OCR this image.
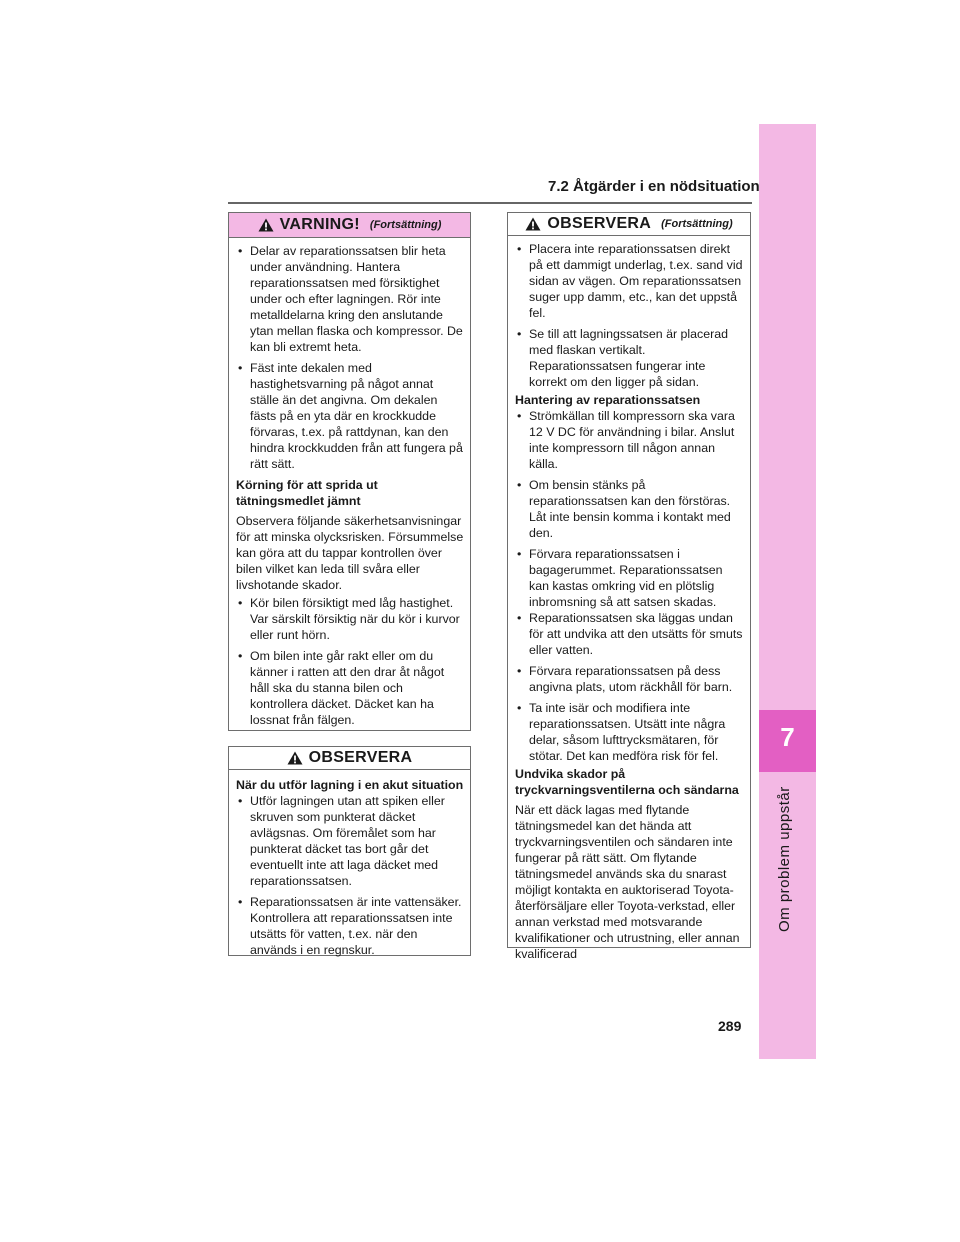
7
Om problem uppstår
7.2 Åtgärder i en nödsituation
VARNING! (Fortsättning)
• Delar av reparationssatsen blir heta under användning. Hantera reparationssatsen med försiktighet under och efter lagningen. Rör inte metalldelarna kring den anslutande ytan mellan flaska och kompressor. De kan bli extremt heta.
• Fäst inte dekalen med hastighetsvarning på något annat ställe än det angivna. Om dekalen fästs på en yta där en krockkudde förvaras, t.ex. på rattdynan, kan den hindra krockkudden från att fungera på rätt sätt.
Körning för att sprida ut tätningsmedlet jämnt
Observera följande säkerhetsanvisningar för att minska olycksrisken. Försummelse kan göra att du tappar kontrollen över bilen vilket kan leda till svåra eller livshotande skador.
• Kör bilen försiktigt med låg hastighet. Var särskilt försiktig när du kör i kurvor eller runt hörn.
• Om bilen inte går rakt eller om du känner i ratten att den drar åt något håll ska du stanna bilen och kontrollera däcket. Däcket kan ha lossnat från fälgen.
OBSERVERA
När du utför lagning i en akut situation
• Utför lagningen utan att spiken eller skruven som punkterat däcket avlägsnas. Om föremålet som har punkterat däcket tas bort går det eventuellt inte att laga däcket med reparationssatsen.
• Reparationssatsen är inte vattensäker. Kontrollera att reparationssatsen inte utsätts för vatten, t.ex. när den används i en regnskur.
OBSERVERA (Fortsättning)
• Placera inte reparationssatsen direkt på ett dammigt underlag, t.ex. sand vid sidan av vägen. Om reparationssatsen suger upp damm, etc., kan det uppstå fel.
• Se till att lagningssatsen är placerad med flaskan vertikalt. Reparationssatsen fungerar inte korrekt om den ligger på sidan.
Hantering av reparationssatsen
• Strömkällan till kompressorn ska vara 12 V DC för användning i bilar. Anslut inte kompressorn till någon annan källa.
• Om bensin stänks på reparationssatsen kan den förstöras. Låt inte bensin komma i kontakt med den.
• Förvara reparationssatsen i bagagerummet. Reparationssatsen kan kastas omkring vid en plötslig inbromsning så att satsen skadas.
• Reparationssatsen ska läggas undan för att undvika att den utsätts för smuts eller vatten.
• Förvara reparationssatsen på dess angivna plats, utom räckhåll för barn.
• Ta inte isär och modifiera inte reparationssatsen. Utsätt inte några delar, såsom lufttrycksmätaren, för stötar. Det kan medföra risk för fel.
Undvika skador på tryckvarningsventilerna och sändarna
När ett däck lagas med flytande tätningsmedel kan det hända att tryckvarningsventilen och sändaren inte fungerar på rätt sätt. Om flytande tätningsmedel används ska du snarast möjligt kontakta en auktoriserad Toyota-återförsäljare eller Toyota-verkstad, eller annan verkstad med motsvarande kvalifikationer och utrustning, eller annan kvalificerad
289
